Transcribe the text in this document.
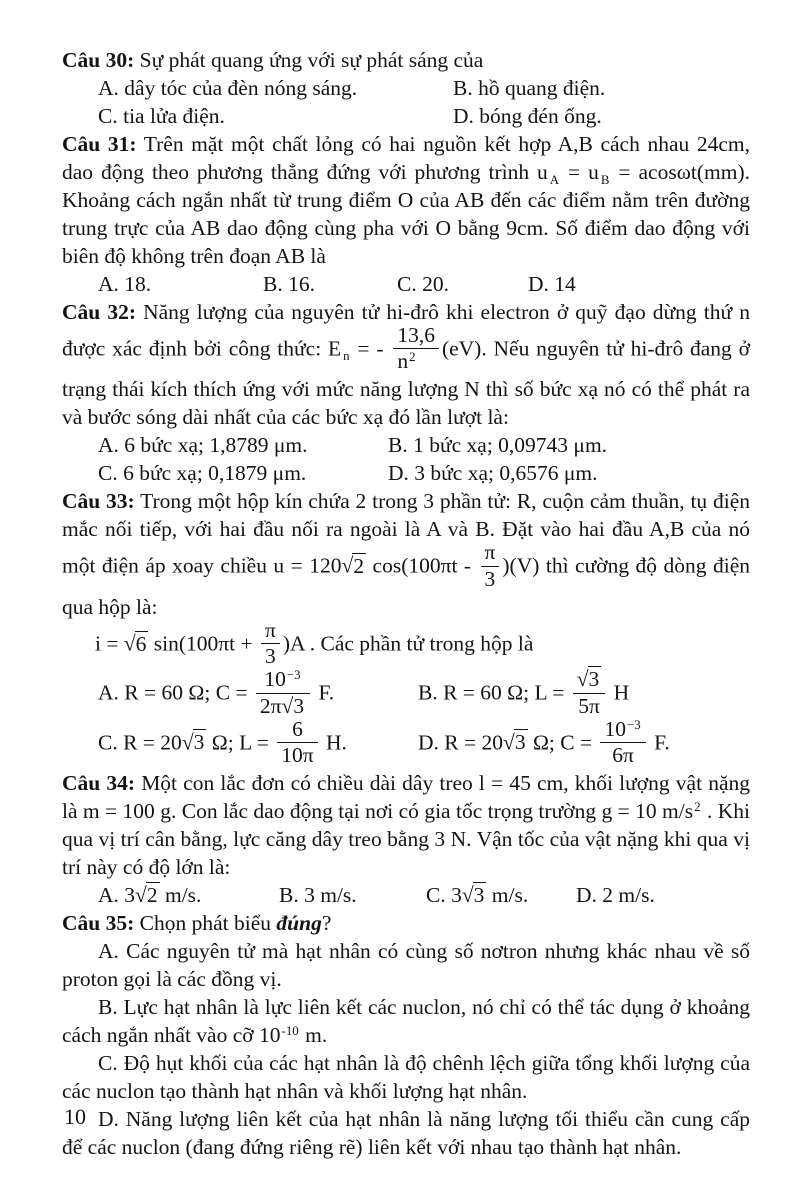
Câu 30: Sự phát quang ứng với sự phát sáng của
A. dây tóc của đèn nóng sáng.	B. hồ quang điện.
C. tia lửa điện.	D. bóng đén ống.
Câu 31: Trên mặt một chất lỏng có hai nguồn kết hợp A,B cách nhau 24cm, dao động theo phương thẳng đứng với phương trình u $_A$ = u $_B$ = acosωt(mm). Khoảng cách ngắn nhất từ trung điểm O của AB đến các điểm nằm trên đường trung trực của AB dao động cùng pha với O bằng 9cm. Số điểm dao động với biên độ không trên đoạn AB là
A. 18.	B. 16.	C. 20.	D. 14
Câu 32: Năng lượng của nguyên tử hi-đrô khi electron ở quỹ đạo dừng thứ n được xác định bởi công thức: E $_n$ = - $\frac{13,6}{n^2} (eV)$. Nếu nguyên tử hi-đrô đang ở trạng thái kích thích ứng với mức năng lượng N thì số bức xạ nó có thể phát ra và bước sóng dài nhất của các bức xạ đó lần lượt là:
A. 6 bức xạ; 1,8789 μm.	B. 1 bức xạ; 0,09743 μm.
C. 6 bức xạ; 0,1879 μm.	D. 3 bức xạ; 0,6576 μm.
Câu 33: Trong một hộp kín chứa 2 trong 3 phần tử: R, cuộn cảm thuần, tụ điện mắc nối tiếp, với hai đầu nối ra ngoài là A và B. Đặt vào hai đầu A,B của nó một điện áp xoay chiều u = 120√2 $\cos(100\pi t - \frac{\pi}{3} )(V)$ thì cường độ dòng điện qua hộp là:
i = √6 $\sin(100\pi t + \frac{\pi}{3} )A$ . Các phần tử trong hộp là
A. R = 60 Ω; $C = \frac{10^{-3}}{2\pi√3} F$.	B. R = 60 Ω; $L = \frac{√3}{5\pi}$ H
C. R = 20√3 Ω; $L = \frac{6}{10\pi} H$.	D. R = 20√3 Ω; $C = \frac{10^{-3}}{6\pi} F$.
Câu 34: Một con lắc đơn có chiều dài dây treo l = 45 cm, khối lượng vật nặng là m = 100 g. Con lắc dao động tại nơi có gia tốc trọng trường g = 10 $m/s^2$ . Khi qua vị trí cân bằng, lực căng dây treo bằng 3 N. Vận tốc của vật nặng khi qua vị trí này có độ lớn là:
A. 3√2 m/s.	B. 3 m/s.	C. 3√3 m/s.	D. 2 m/s.
Câu 35: Chọn phát biểu đúng?
A. Các nguyên tử mà hạt nhân có cùng số nơtron nhưng khác nhau về số proton gọi là các đồng vị.
B. Lực hạt nhân là lực liên kết các nuclon, nó chỉ có thể tác dụng ở khoảng cách ngắn nhất vào cỡ $10^{-10}$ m.
C. Độ hụt khối của các hạt nhân là độ chênh lệch giữa tổng khối lượng của các nuclon tạo thành hạt nhân và khối lượng hạt nhân.
D. Năng lượng liên kết của hạt nhân là năng lượng tối thiểu cần cung cấp để các nuclon (đang đứng riêng rẽ) liên kết với nhau tạo thành hạt nhân.
10
